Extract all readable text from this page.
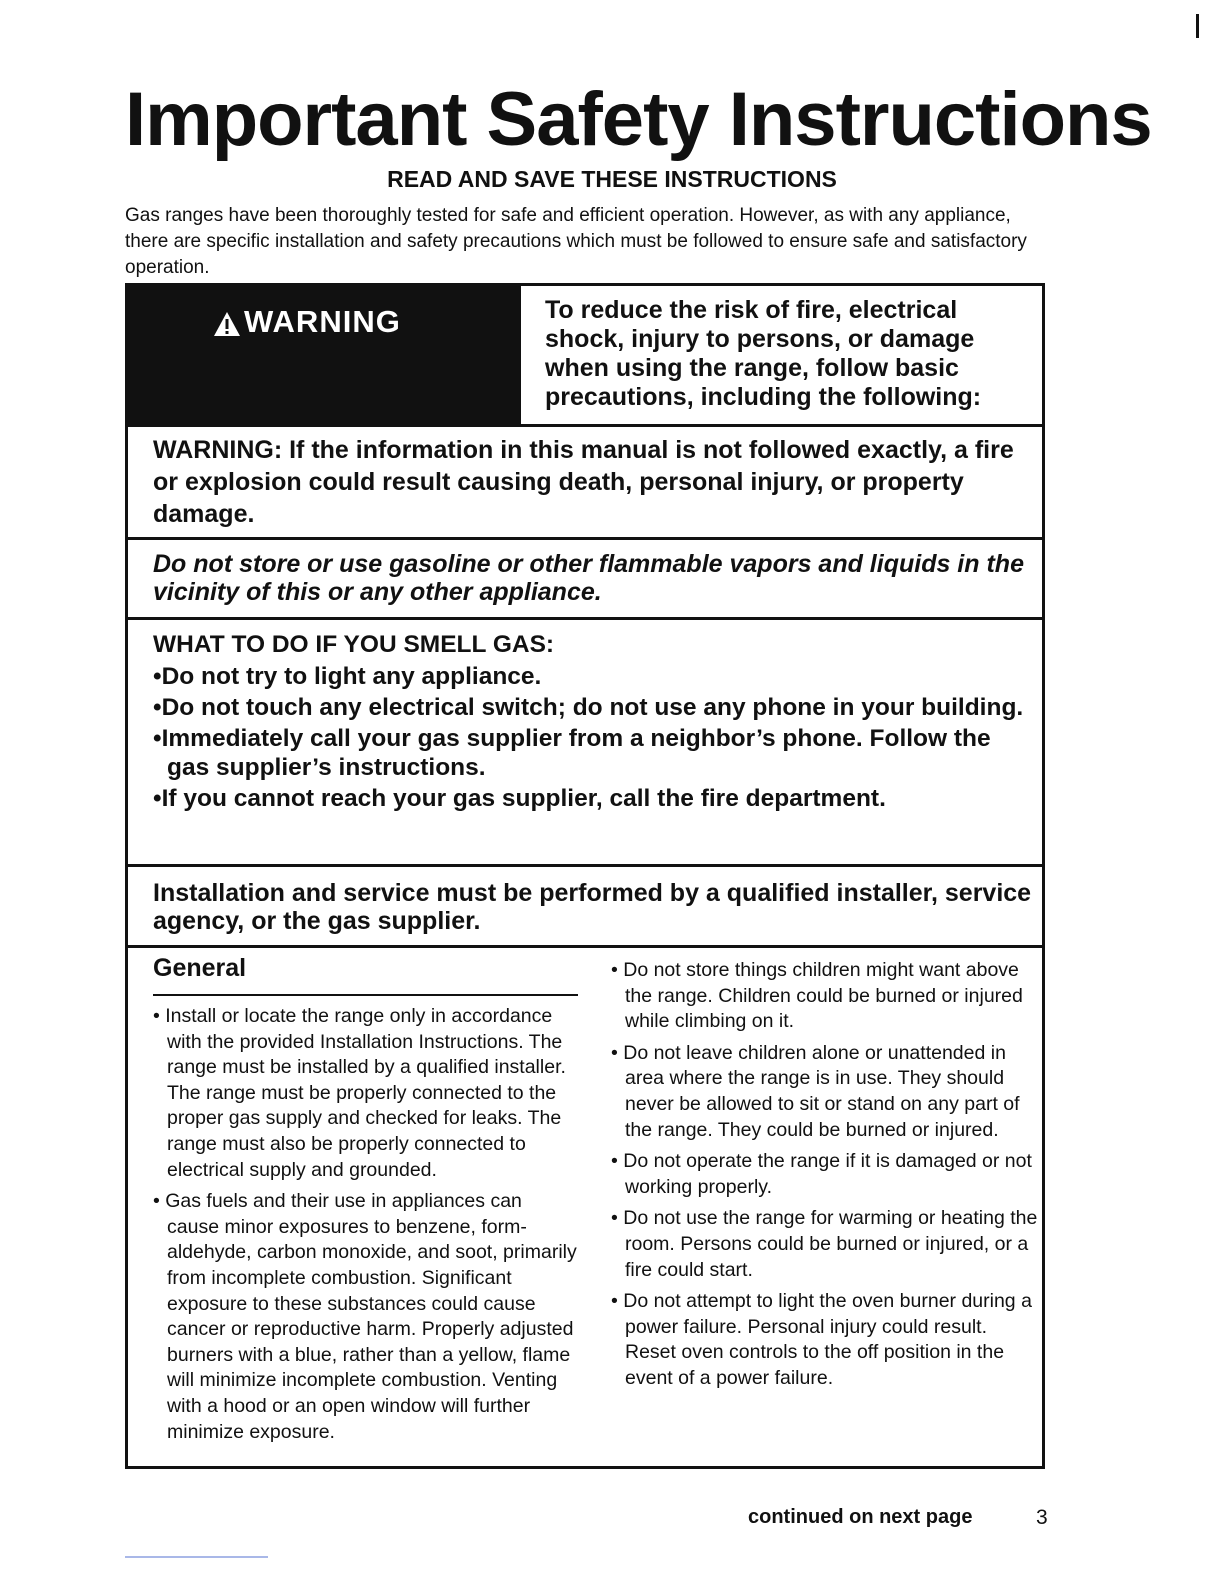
Important Safety Instructions
READ AND SAVE THESE INSTRUCTIONS

Gas ranges have been thoroughly tested for safe and efficient operation. However, as with any appliance, there are specific installation and safety precautions which must be followed to ensure safe and satisfactory operation.

WARNING	To reduce the risk of fire, electrical shock, injury to persons, or damage when using the range, follow basic precautions, including the following:

WARNING: If the information in this manual is not followed exactly, a fire or explosion could result causing death, personal injury, or property damage.

Do not store or use gasoline or other flammable vapors and liquids in the vicinity of this or any other appliance.

WHAT TO DO IF YOU SMELL GAS:
•Do not try to light any appliance.
•Do not touch any electrical switch; do not use any phone in your building.
•Immediately call your gas supplier from a neighbor’s phone. Follow the gas supplier’s instructions.
•If you cannot reach your gas supplier, call the fire department.

Installation and service must be performed by a qualified installer, service agency, or the gas supplier.

General
• Install or locate the range only in accordance with the provided Installation Instructions. The range must be installed by a qualified installer. The range must be properly connected to the proper gas supply and checked for leaks. The range must also be properly connected to electrical supply and grounded.
• Gas fuels and their use in appliances can cause minor exposures to benzene, form-aldehyde, carbon monoxide, and soot, primarily from incomplete combustion. Significant exposure to these substances could cause cancer or reproductive harm. Properly adjusted burners with a blue, rather than a yellow, flame will minimize incomplete combustion. Venting with a hood or an open window will further minimize exposure.
• Do not store things children might want above the range. Children could be burned or injured while climbing on it.
• Do not leave children alone or unattended in area where the range is in use. They should never be allowed to sit or stand on any part of the range. They could be burned or injured.
• Do not operate the range if it is damaged or not working properly.
• Do not use the range for warming or heating the room. Persons could be burned or injured, or a fire could start.
• Do not attempt to light the oven burner during a power failure. Personal injury could result. Reset oven controls to the off position in the event of a power failure.
continued on next page	3
